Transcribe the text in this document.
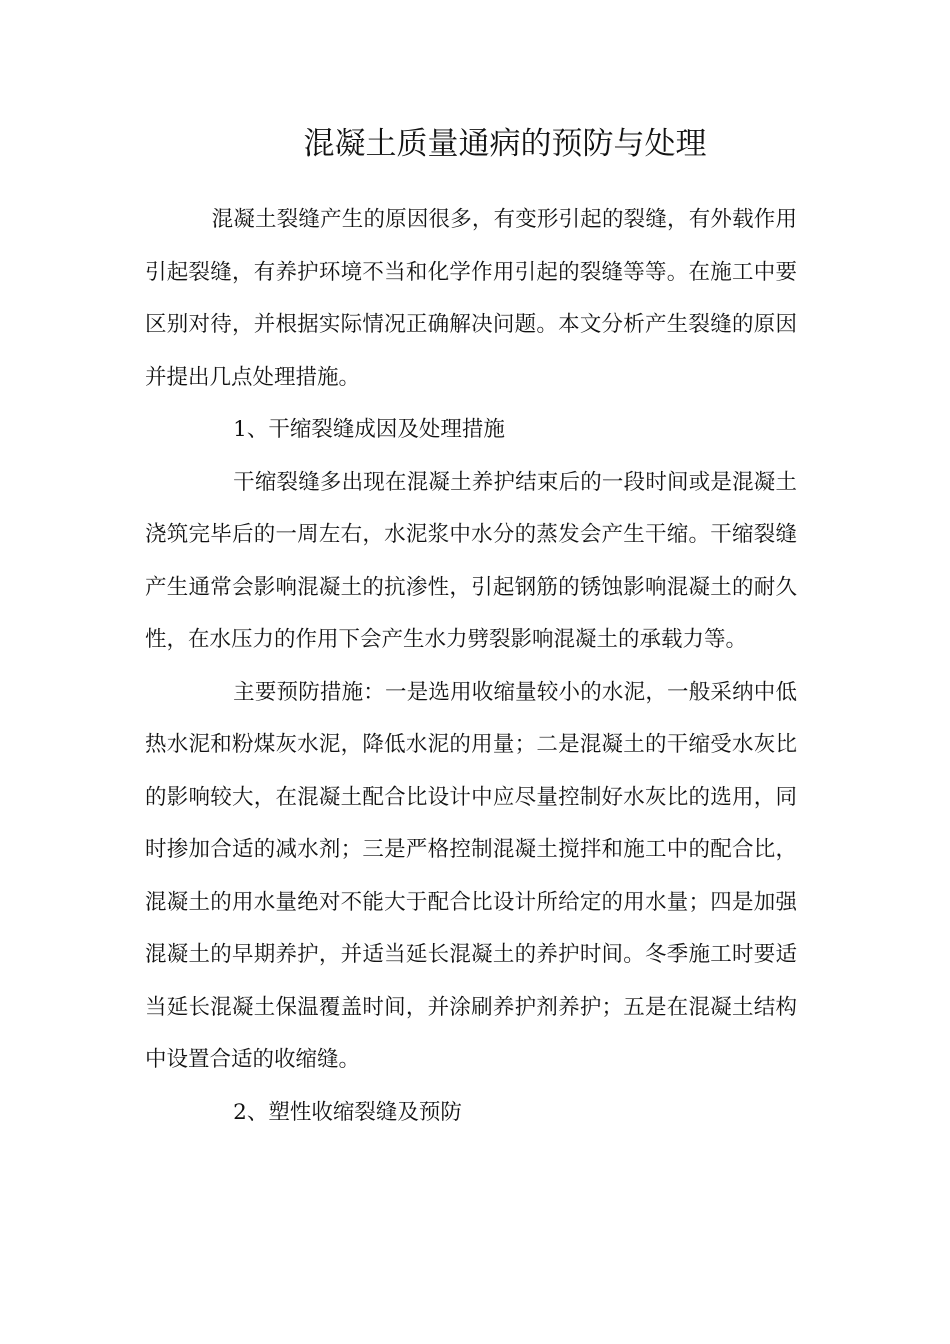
混凝土质量通病的预防与处理

混凝土裂缝产生的原因很多，有变形引起的裂缝，有外载作用引起裂缝，有养护环境不当和化学作用引起的裂缝等等。在施工中要区别对待，并根据实际情况正确解决问题。本文分析产生裂缝的原因并提出几点处理措施。

1、干缩裂缝成因及处理措施

干缩裂缝多出现在混凝土养护结束后的一段时间或是混凝土浇筑完毕后的一周左右，水泥浆中水分的蒸发会产生干缩。干缩裂缝产生通常会影响混凝土的抗渗性，引起钢筋的锈蚀影响混凝土的耐久性，在水压力的作用下会产生水力劈裂影响混凝土的承载力等。

主要预防措施：一是选用收缩量较小的水泥，一般采纳中低热水泥和粉煤灰水泥，降低水泥的用量；二是混凝土的干缩受水灰比的影响较大，在混凝土配合比设计中应尽量控制好水灰比的选用，同时掺加合适的减水剂；三是严格控制混凝土搅拌和施工中的配合比，混凝土的用水量绝对不能大于配合比设计所给定的用水量；四是加强混凝土的早期养护，并适当延长混凝土的养护时间。冬季施工时要适当延长混凝土保温覆盖时间，并涂刷养护剂养护；五是在混凝土结构中设置合适的收缩缝。

2、塑性收缩裂缝及预防
